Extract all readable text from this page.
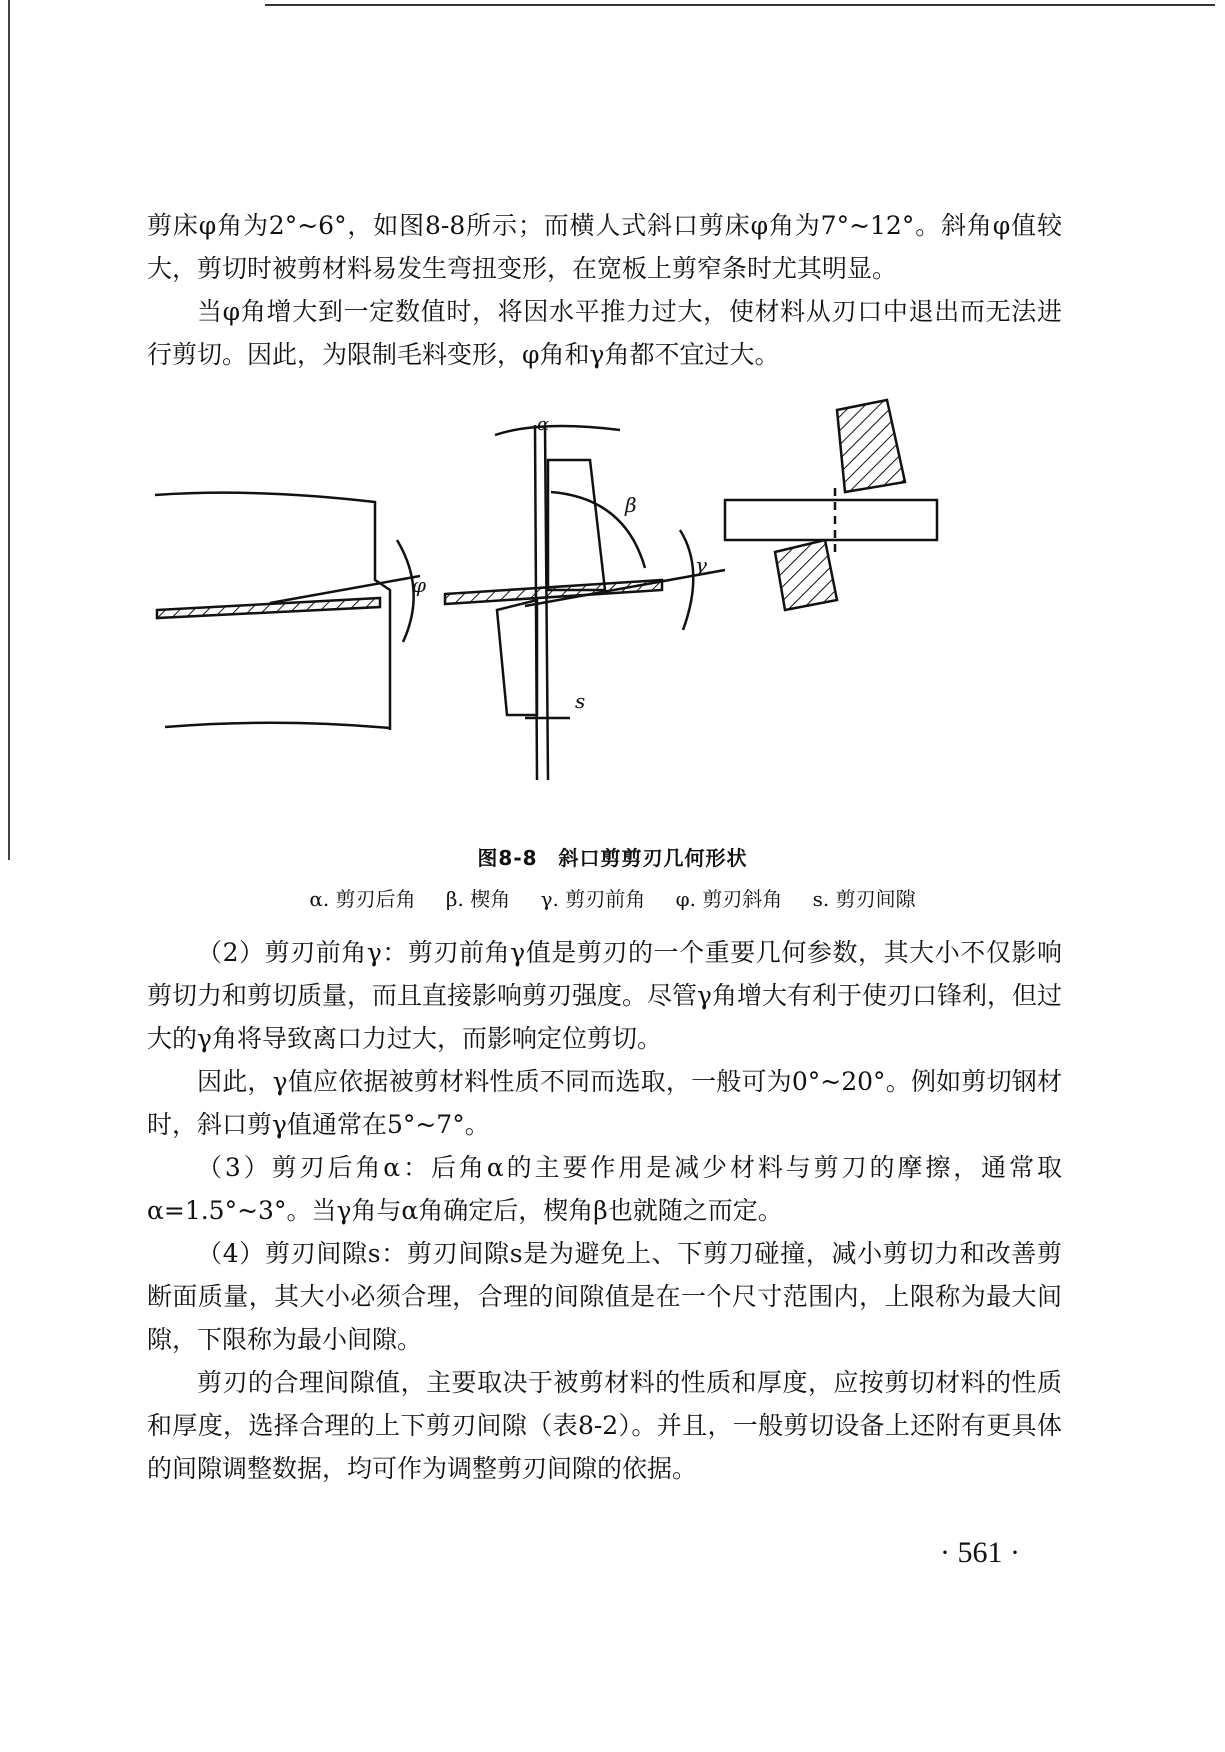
剪床φ角为2°~6°，如图8-8所示；而横人式斜口剪床φ角为7°~12°。斜角φ值较大，剪切时被剪材料易发生弯扭变形，在宽板上剪窄条时尤其明显。

当φ角增大到一定数值时，将因水平推力过大，使材料从刃口中退出而无法进行剪切。因此，为限制毛料变形，φ角和γ角都不宜过大。

φ
α
β
γ
s
图8-8　斜口剪剪刃几何形状
α. 剪刃后角 β. 楔角 γ. 剪刃前角 φ. 剪刃斜角 s. 剪刃间隙

（2）剪刃前角γ：剪刃前角γ值是剪刃的一个重要几何参数，其大小不仅影响剪切力和剪切质量，而且直接影响剪刃强度。尽管γ角增大有利于使刃口锋利，但过大的γ角将导致离口力过大，而影响定位剪切。

因此，γ值应依据被剪材料性质不同而选取，一般可为0°~20°。例如剪切钢材时，斜口剪γ值通常在5°~7°。

（3）剪刃后角α：后角α的主要作用是减少材料与剪刀的摩擦，通常取α=1.5°~3°。当γ角与α角确定后，楔角β也就随之而定。

（4）剪刃间隙s：剪刃间隙s是为避免上、下剪刀碰撞，减小剪切力和改善剪断面质量，其大小必须合理，合理的间隙值是在一个尺寸范围内，上限称为最大间隙，下限称为最小间隙。

剪刃的合理间隙值，主要取决于被剪材料的性质和厚度，应按剪切材料的性质和厚度，选择合理的上下剪刃间隙（表8-2）。并且，一般剪切设备上还附有更具体的间隙调整数据，均可作为调整剪刃间隙的依据。

· 561 ·
